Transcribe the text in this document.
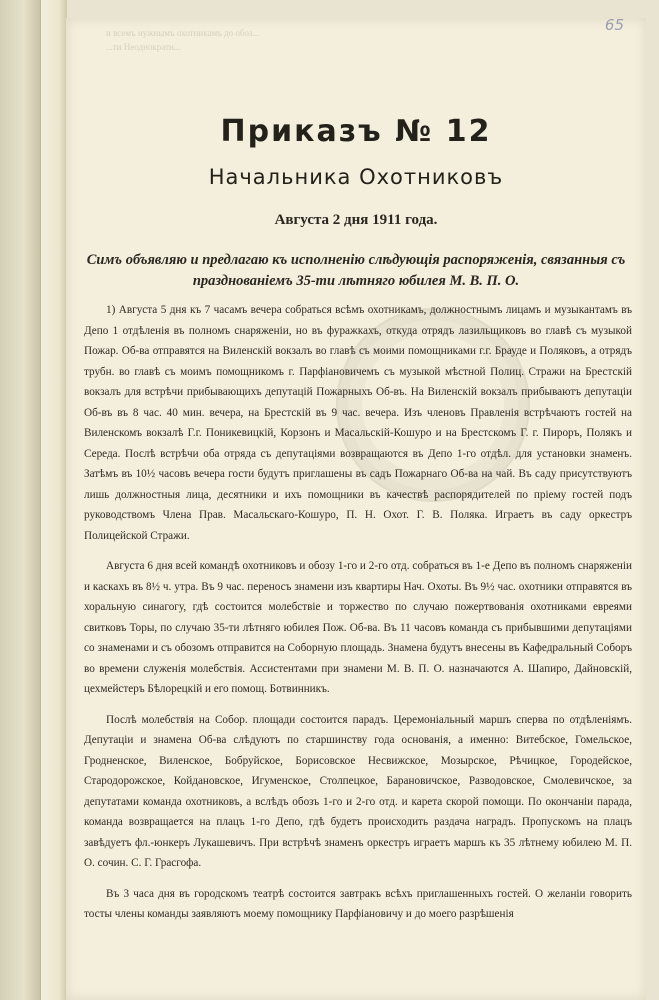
65
и всемъ нужнымъ охотникамъ до обоз...
...ти Неоднократн...
Приказъ № 12
Начальника Охотниковъ
Августа 2 дня 1911 года.
Симъ объявляю и предлагаю къ исполненію слѣдующія распоряженія, связанныя съ празднованіемъ 35-ти лѣтняго юбилея М. В. П. О.

1) Августа 5 дня къ 7 часамъ вечера собраться всѣмъ охотникамъ, должностнымъ лицамъ и музыкантамъ въ Депо 1 отдѣленія въ полномъ снаряженіи, но въ фуражкахъ, откуда отрядъ лазильщиковъ во главѣ съ музыкой Пожар. Об-ва отправятся на Виленскій вокзалъ во главѣ съ моими помощниками г.г. Брауде и Поляковъ, а отрядъ трубн. во главѣ съ моимъ помощникомъ г. Парфіановичемъ съ музыкой мѣстной Полиц. Стражи на Брестскій вокзалъ для встрѣчи прибывающихъ депутацій Пожарныхъ Об-въ. На Виленскій вокзалъ прибываютъ депутаціи Об-въ въ 8 час. 40 мин. вечера, на Брестскій въ 9 час. вечера. Изъ членовъ Правленія встрѣчаютъ гостей на Виленскомъ вокзалѣ Г.г. Поникевицкій, Корзонъ и Масальскій-Кошуро и на Брестскомъ Г. г. Пироръ, Полякъ и Середа. Послѣ встрѣчи оба отряда съ депутаціями возвращаются въ Депо 1-го отдѣл. для установки знаменъ. Затѣмъ въ 10½ часовъ вечера гости будутъ приглашены въ садъ Пожарнаго Об-ва на чай. Въ саду присутствуютъ лишь должностныя лица, десятники и ихъ помощники въ качествѣ распорядителей по пріему гостей подъ руководствомъ Члена Прав. Масальскаго-Кошуро, П. Н. Охот. Г. В. Поляка. Играетъ въ саду оркестръ Полицейской Стражи.

Августа 6 дня всей командѣ охотниковъ и обозу 1-го и 2-го отд. собраться въ 1-е Депо въ полномъ снаряженіи и каскахъ въ 8½ ч. утра. Въ 9 час. переносъ знамени изъ квартиры Нач. Охоты. Въ 9½ час. охотники отправятся въ хоральную синагогу, гдѣ состоится молебствіе и торжество по случаю пожертвованія охотниками евреями свитковъ Торы, по случаю 35-ти лѣтняго юбилея Пож. Об-ва. Въ 11 часовъ команда съ прибывшими депутаціями со знаменами и съ обозомъ отправится на Соборную площадь. Знамена будутъ внесены въ Кафедральный Соборъ во времени служенія молебствія. Ассистентами при знамени М. В. П. О. назначаются А. Шапиро, Дайновскій, цехмейстеръ Бѣлорецкій и его помощ. Ботвинникъ.

Послѣ молебствія на Собор. площади состоится парадъ. Церемоніальный маршъ сперва по отдѣленіямъ. Депутаціи и знамена Об-ва слѣдуютъ по старшинству года основанія, а именно: Витебское, Гомельское, Гродненское, Виленское, Бобруйское, Борисовское Несвижское, Мозырское, Рѣчицкое, Городейское, Стародорожское, Койдановское, Игуменское, Столпецкое, Барановичское, Разводовское, Смолевичское, за депутатами команда охотниковъ, а вслѣдъ обозъ 1-го и 2-го отд. и карета скорой помощи. По окончаніи парада, команда возвращается на плацъ 1-го Депо, гдѣ будетъ происходить раздача наградъ. Пропускомъ на плацъ завѣдуетъ фл.-юнкеръ Лукашевичъ. При встрѣчѣ знаменъ оркестръ играетъ маршъ къ 35 лѣтнему юбилею М. П. О. сочин. С. Г. Грасгофа.

Въ 3 часа дня въ городскомъ театрѣ состоится завтракъ всѣхъ приглашенныхъ гостей. О желаніи говорить тосты члены команды заявляютъ моему помощнику Парфіановичу и до моего разрѣшенія
